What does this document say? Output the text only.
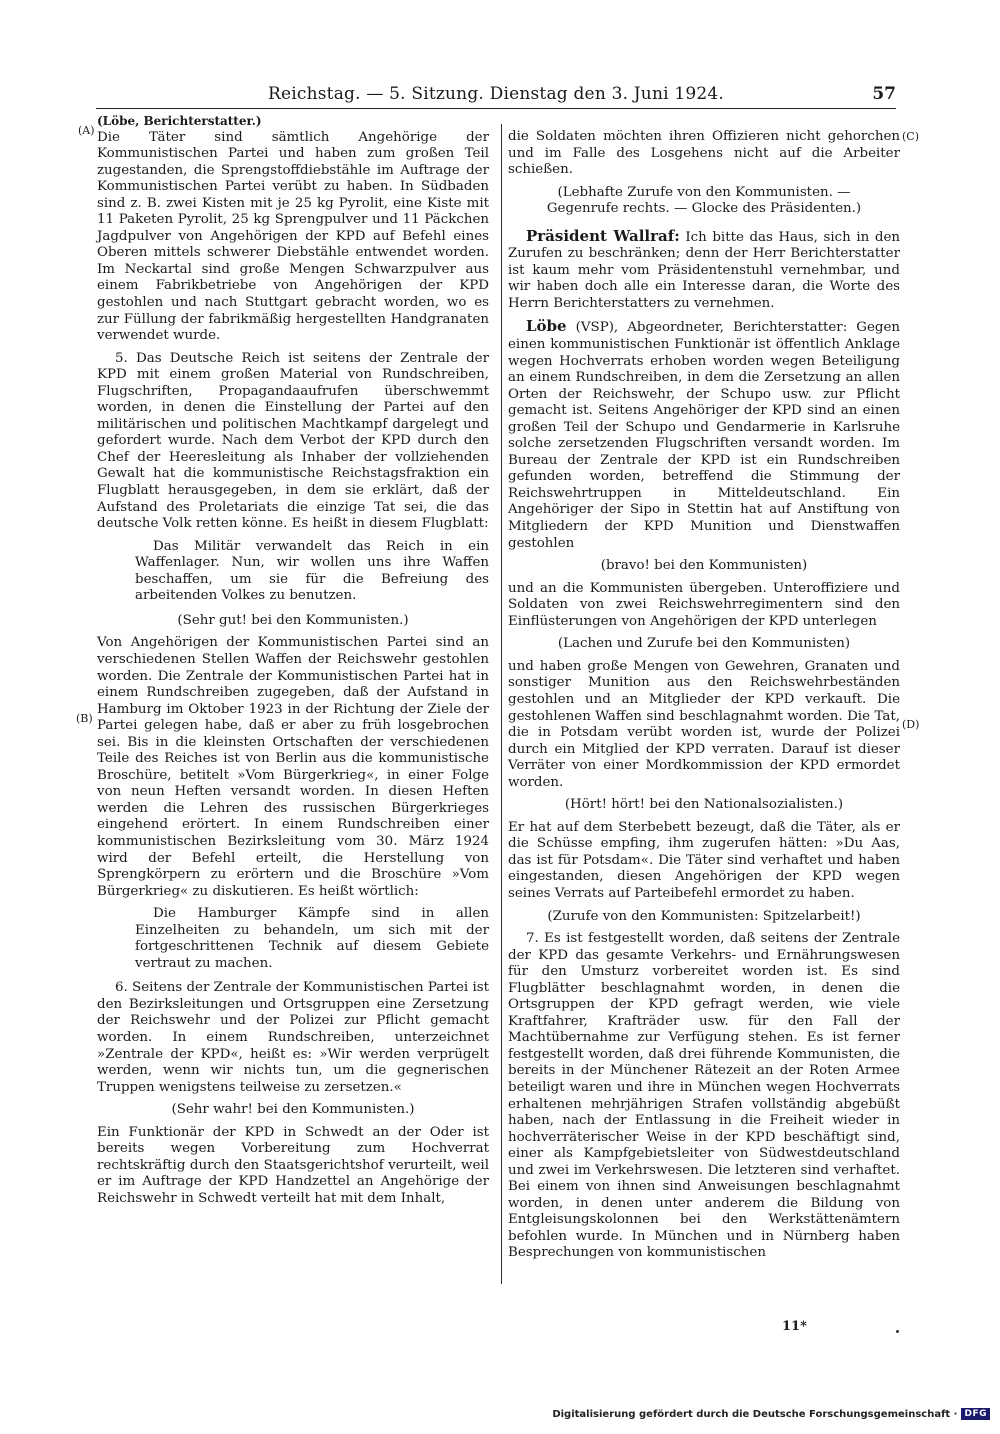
Reichstag. — 5. Sitzung. Dienstag den 3. Juni 1924.	57
(A)
(B)
(C)
(D)

(Löbe, Berichterstatter.)

Die Täter sind sämtlich Angehörige der Kommunistischen Partei und haben zum großen Teil zugestanden, die Sprengstoffdiebstähle im Auftrage der Kommunistischen Partei verübt zu haben. In Südbaden sind z. B. zwei Kisten mit je 25 kg Pyrolit, eine Kiste mit 11 Paketen Pyrolit, 25 kg Sprengpulver und 11 Päckchen Jagdpulver von Angehörigen der KPD auf Befehl eines Oberen mittels schwerer Diebstähle entwendet worden. Im Neckartal sind große Mengen Schwarzpulver aus einem Fabrikbetriebe von Angehörigen der KPD gestohlen und nach Stuttgart gebracht worden, wo es zur Füllung der fabrikmäßig hergestellten Handgranaten verwendet wurde.

5. Das Deutsche Reich ist seitens der Zentrale der KPD mit einem großen Material von Rundschreiben, Flugschriften, Propagandaaufrufen überschwemmt worden, in denen die Einstellung der Partei auf den militärischen und politischen Machtkampf dargelegt und gefordert wurde. Nach dem Verbot der KPD durch den Chef der Heeresleitung als Inhaber der vollziehenden Gewalt hat die kommunistische Reichstagsfraktion ein Flugblatt herausgegeben, in dem sie erklärt, daß der Aufstand des Proletariats die einzige Tat sei, die das deutsche Volk retten könne. Es heißt in diesem Flugblatt:

Das Militär verwandelt das Reich in ein Waffenlager. Nun, wir wollen uns ihre Waffen beschaffen, um sie für die Befreiung des arbeitenden Volkes zu benutzen.

(Sehr gut! bei den Kommunisten.)

Von Angehörigen der Kommunistischen Partei sind an verschiedenen Stellen Waffen der Reichswehr gestohlen worden. Die Zentrale der Kommunistischen Partei hat in einem Rundschreiben zugegeben, daß der Aufstand in Hamburg im Oktober 1923 in der Richtung der Ziele der Partei gelegen habe, daß er aber zu früh losgebrochen sei. Bis in die kleinsten Ortschaften der verschiedenen Teile des Reiches ist von Berlin aus die kommunistische Broschüre, betitelt »Vom Bürgerkrieg«, in einer Folge von neun Heften versandt worden. In diesen Heften werden die Lehren des russischen Bürgerkrieges eingehend erörtert. In einem Rundschreiben einer kommunistischen Bezirksleitung vom 30. März 1924 wird der Befehl erteilt, die Herstellung von Sprengkörpern zu erörtern und die Broschüre »Vom Bürgerkrieg« zu diskutieren. Es heißt wörtlich:

Die Hamburger Kämpfe sind in allen Einzelheiten zu behandeln, um sich mit der fortgeschrittenen Technik auf diesem Gebiete vertraut zu machen.

6. Seitens der Zentrale der Kommunistischen Partei ist den Bezirksleitungen und Ortsgruppen eine Zersetzung der Reichswehr und der Polizei zur Pflicht gemacht worden. In einem Rundschreiben, unterzeichnet »Zentrale der KPD«, heißt es: »Wir werden verprügelt werden, wenn wir nichts tun, um die gegnerischen Truppen wenigstens teilweise zu zersetzen.«

(Sehr wahr! bei den Kommunisten.)

Ein Funktionär der KPD in Schwedt an der Oder ist bereits wegen Vorbereitung zum Hochverrat rechtskräftig durch den Staatsgerichtshof verurteilt, weil er im Auftrage der KPD Handzettel an Angehörige der Reichswehr in Schwedt verteilt hat mit dem Inhalt,

die Soldaten möchten ihren Offizieren nicht gehorchen und im Falle des Losgehens nicht auf die Arbeiter schießen.

(Lebhafte Zurufe von den Kommunisten. — Gegenrufe rechts. — Glocke des Präsidenten.)

Präsident Wallraf: Ich bitte das Haus, sich in den Zurufen zu beschränken; denn der Herr Berichterstatter ist kaum mehr vom Präsidentenstuhl vernehmbar, und wir haben doch alle ein Interesse daran, die Worte des Herrn Berichterstatters zu vernehmen.

Löbe (VSP), Abgeordneter, Berichterstatter: Gegen einen kommunistischen Funktionär ist öffentlich Anklage wegen Hochverrats erhoben worden wegen Beteiligung an einem Rundschreiben, in dem die Zersetzung an allen Orten der Reichswehr, der Schupo usw. zur Pflicht gemacht ist. Seitens Angehöriger der KPD sind an einen großen Teil der Schupo und Gendarmerie in Karlsruhe solche zersetzenden Flugschriften versandt worden. Im Bureau der Zentrale der KPD ist ein Rundschreiben gefunden worden, betreffend die Stimmung der Reichswehrtruppen in Mitteldeutschland. Ein Angehöriger der Sipo in Stettin hat auf Anstiftung von Mitgliedern der KPD Munition und Dienstwaffen gestohlen

(bravo! bei den Kommunisten)

und an die Kommunisten übergeben. Unteroffiziere und Soldaten von zwei Reichswehrregimentern sind den Einflüsterungen von Angehörigen der KPD unterlegen

(Lachen und Zurufe bei den Kommunisten)

und haben große Mengen von Gewehren, Granaten und sonstiger Munition aus den Reichswehrbeständen gestohlen und an Mitglieder der KPD verkauft. Die gestohlenen Waffen sind beschlagnahmt worden. Die Tat, die in Potsdam verübt worden ist, wurde der Polizei durch ein Mitglied der KPD verraten. Darauf ist dieser Verräter von einer Mordkommission der KPD ermordet worden.

(Hört! hört! bei den Nationalsozialisten.)

Er hat auf dem Sterbebett bezeugt, daß die Täter, als er die Schüsse empfing, ihm zugerufen hätten: »Du Aas, das ist für Potsdam«. Die Täter sind verhaftet und haben eingestanden, diesen Angehörigen der KPD wegen seines Verrats auf Parteibefehl ermordet zu haben.

(Zurufe von den Kommunisten: Spitzelarbeit!)

7. Es ist festgestellt worden, daß seitens der Zentrale der KPD das gesamte Verkehrs- und Ernährungswesen für den Umsturz vorbereitet worden ist. Es sind Flugblätter beschlagnahmt worden, in denen die Ortsgruppen der KPD gefragt werden, wie viele Kraftfahrer, Krafträder usw. für den Fall der Machtübernahme zur Verfügung stehen. Es ist ferner festgestellt worden, daß drei führende Kommunisten, die bereits in der Münchener Rätezeit an der Roten Armee beteiligt waren und ihre in München wegen Hochverrats erhaltenen mehrjährigen Strafen vollständig abgebüßt haben, nach der Entlassung in die Freiheit wieder in hochverräterischer Weise in der KPD beschäftigt sind, einer als Kampfgebietsleiter von Südwestdeutschland und zwei im Verkehrswesen. Die letzteren sind verhaftet. Bei einem von ihnen sind Anweisungen beschlagnahmt worden, in denen unter anderem die Bildung von Entgleisungskolonnen bei den Werkstättenämtern befohlen wurde. In München und in Nürnberg haben Besprechungen von kommunistischen

11*
Digitalisierung gefördert durch die Deutsche Forschungsgemeinschaft · DFG
